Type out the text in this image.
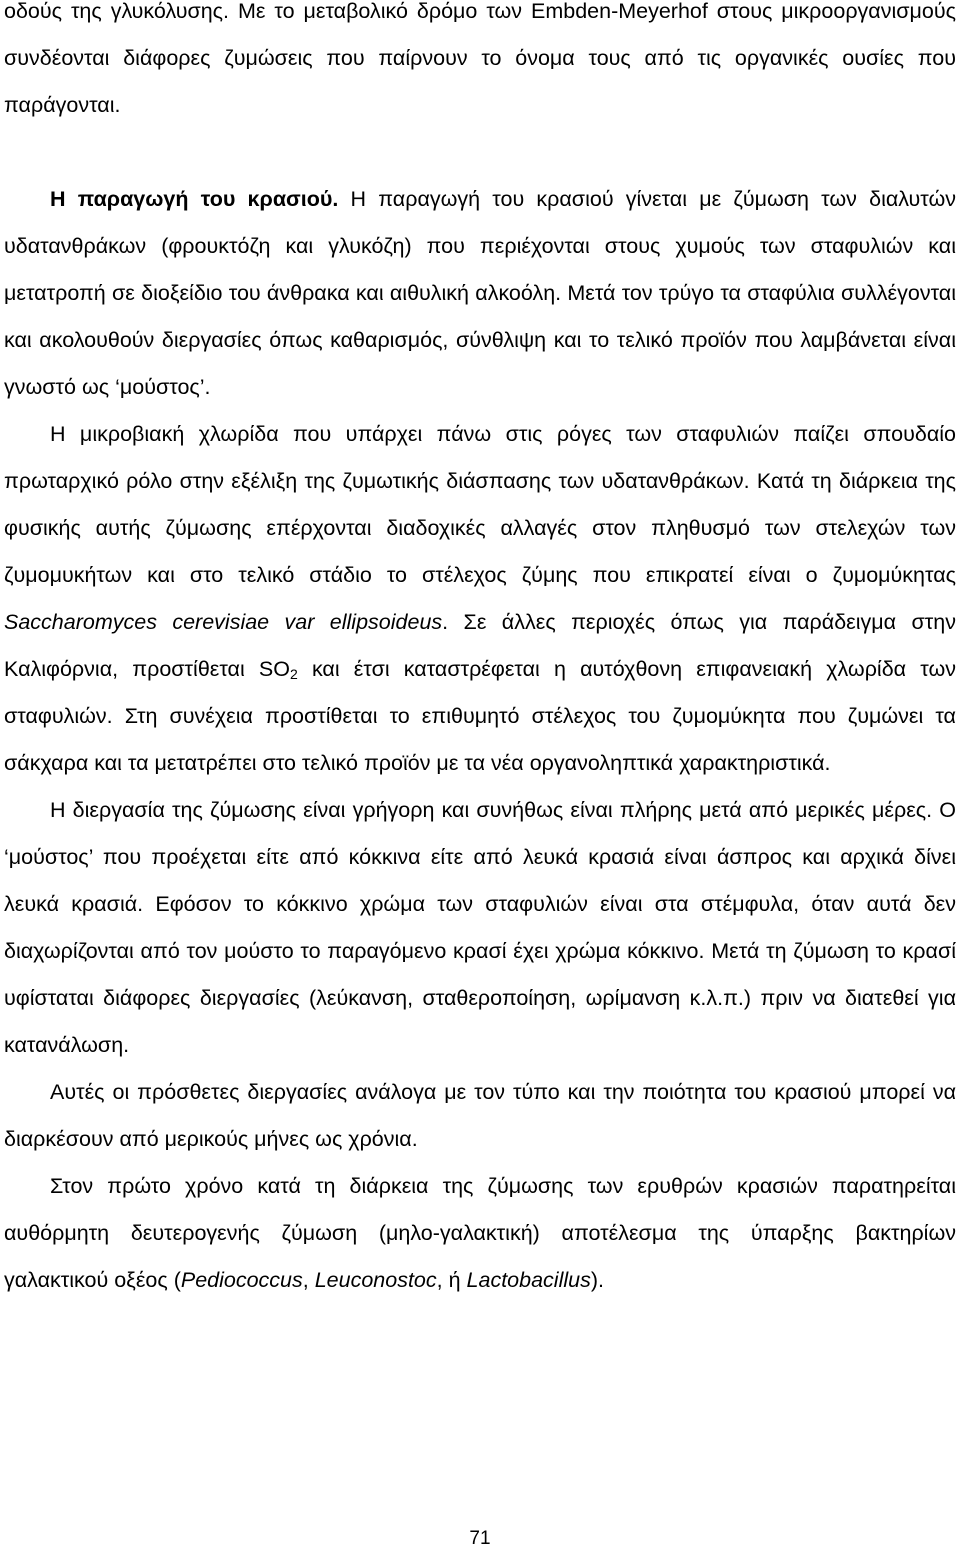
οδούς της γλυκόλυσης. Με το μεταβολικό δρόμο των Embden-Meyerhof στους μικροοργανισμούς συνδέονται διάφορες ζυμώσεις που παίρνουν το όνομα τους από τις οργανικές ουσίες που παράγονται.

Η παραγωγή του κρασιού. Η παραγωγή του κρασιού γίνεται με ζύμωση των διαλυτών υδατανθράκων (φρουκτόζη και γλυκόζη) που περιέχονται στους χυμούς των σταφυλιών και μετατροπή σε διοξείδιο του άνθρακα και αιθυλική αλκοόλη. Μετά τον τρύγο τα σταφύλια συλλέγονται και ακολουθούν διεργασίες όπως καθαρισμός, σύνθλιψη και το τελικό προϊόν που λαμβάνεται είναι γνωστό ως ‘μούστος’.

Η μικροβιακή χλωρίδα που υπάρχει πάνω στις ρόγες των σταφυλιών παίζει σπουδαίο πρωταρχικό ρόλο στην εξέλιξη της ζυμωτικής διάσπασης των υδατανθράκων. Κατά τη διάρκεια της φυσικής αυτής ζύμωσης επέρχονται διαδοχικές αλλαγές στον πληθυσμό των στελεχών των ζυμομυκήτων και στο τελικό στάδιο το στέλεχος ζύμης που επικρατεί είναι ο ζυμομύκητας Saccharomyces cerevisiae var ellipsoideus. Σε άλλες περιοχές όπως για παράδειγμα στην Καλιφόρνια, προστίθεται $SO_2$ και έτσι καταστρέφεται η αυτόχθονη επιφανειακή χλωρίδα των σταφυλιών. Στη συνέχεια προστίθεται το επιθυμητό στέλεχος του ζυμομύκητα που ζυμώνει τα σάκχαρα και τα μετατρέπει στο τελικό προϊόν με τα νέα οργανοληπτικά χαρακτηριστικά.

Η διεργασία της ζύμωσης είναι γρήγορη και συνήθως είναι πλήρης μετά από μερικές μέρες. Ο ‘μούστος’ που προέχεται είτε από κόκκινα είτε από λευκά κρασιά είναι άσπρος και αρχικά δίνει λευκά κρασιά. Εφόσον το κόκκινο χρώμα των σταφυλιών είναι στα στέμφυλα, όταν αυτά δεν διαχωρίζονται από τον μούστο το παραγόμενο κρασί έχει χρώμα κόκκινο. Μετά τη ζύμωση το κρασί υφίσταται διάφορες διεργασίες (λεύκανση, σταθεροποίηση, ωρίμανση κ.λ.π.) πριν να διατεθεί για κατανάλωση.

Αυτές οι πρόσθετες διεργασίες ανάλογα με τον τύπο και την ποιότητα του κρασιού μπορεί να διαρκέσουν από μερικούς μήνες ως χρόνια.

Στον πρώτο χρόνο κατά τη διάρκεια της ζύμωσης των ερυθρών κρασιών παρατηρείται αυθόρμητη δευτερογενής ζύμωση (μηλο-γαλακτική) αποτέλεσμα της ύπαρξης βακτηρίων γαλακτικού οξέος (Pediococcus, Leuconostoc, ή Lactobacillus).

71
